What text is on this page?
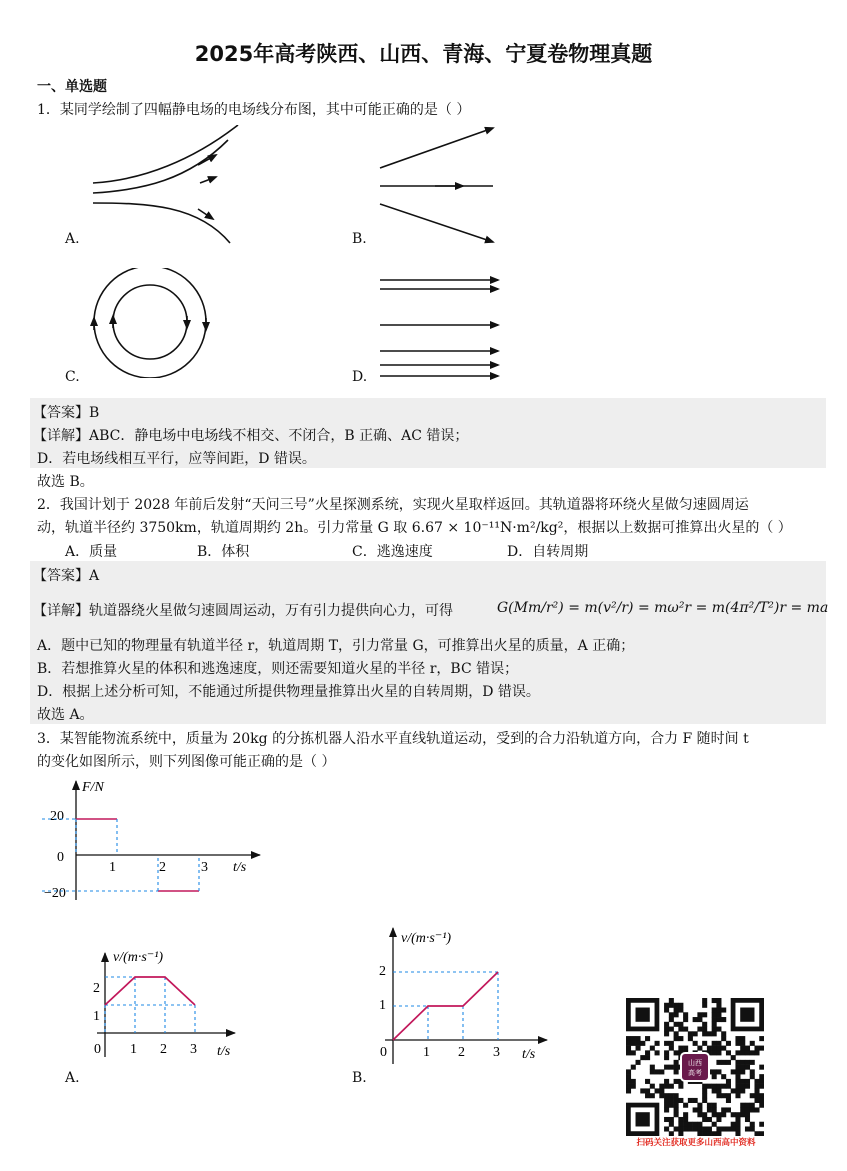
2025年高考陕西、山西、青海、宁夏卷物理真题
一、单选题
1．某同学绘制了四幅静电场的电场线分布图，其中可能正确的是（ ）
A.	B.
C.	D.
【答案】B
【详解】ABC．静电场中电场线不相交、不闭合，B 正确、AC 错误；
D．若电场线相互平行，应等间距，D 错误。
故选 B。
2．我国计划于 2028 年前后发射“天问三号”火星探测系统，实现火星取样返回。其轨道器将环绕火星做匀速圆周运
动，轨道半径约 3750km，轨道周期约 2h。引力常量 G 取 6.67 × 10⁻¹¹N·m²/kg²，根据以上数据可推算出火星的（ ）
A．质量	B．体积	C．逃逸速度	D．自转周期
【答案】A
【详解】轨道器绕火星做匀速圆周运动，万有引力提供向心力，可得	G(Mm/r²) = m(v²/r) = mω²r = m(4π²/T²)r = ma
A．题中已知的物理量有轨道半径 r，轨道周期 T，引力常量 G，可推算出火星的质量，A 正确；
B．若想推算火星的体积和逃逸速度，则还需要知道火星的半径 r，BC 错误；
D．根据上述分析可知，不能通过所提供物理量推算出火星的自转周期，D 错误。
故选 A。
3．某智能物流系统中，质量为 20kg 的分拣机器人沿水平直线轨道运动，受到的合力沿轨道方向，合力 F 随时间 t
的变化如图所示，则下列图像可能正确的是（ ）
F/N
t/s
20
0
−20
1	2	3
v/(m·s⁻¹)
t/s
1
2
0 1 2 3
A.
v/(m·s⁻¹)
t/s
1
2
0	1 2 3
B.
山西
高考
扫码关注获取更多山西高中资料
